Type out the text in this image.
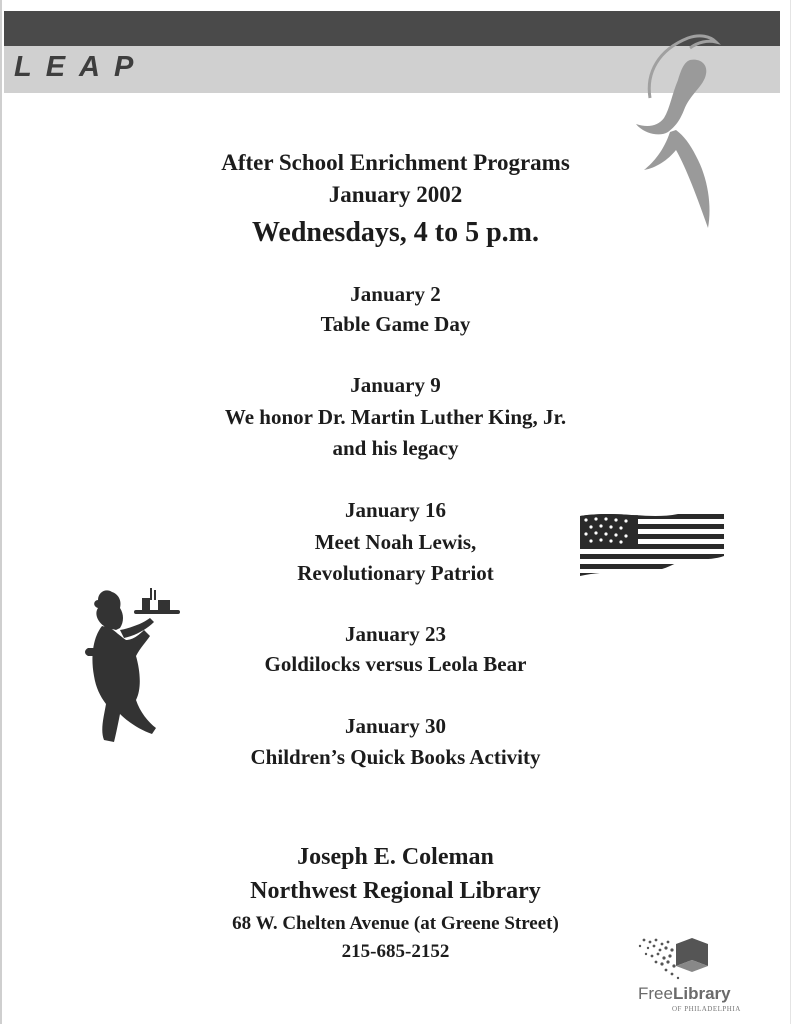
LEAP
After School Enrichment Programs
January 2002
Wednesdays, 4 to 5 p.m.
January 2
Table Game Day
January 9
We honor Dr. Martin Luther King, Jr.
and his legacy
January 16
Meet Noah Lewis,
Revolutionary Patriot
January 23
Goldilocks versus Leola Bear
January 30
Children’s Quick Books Activity
Joseph E. Coleman
Northwest Regional Library
68 W. Chelten Avenue (at Greene Street)
215-685-2152
FreeLibrary
OF PHILADELPHIA
